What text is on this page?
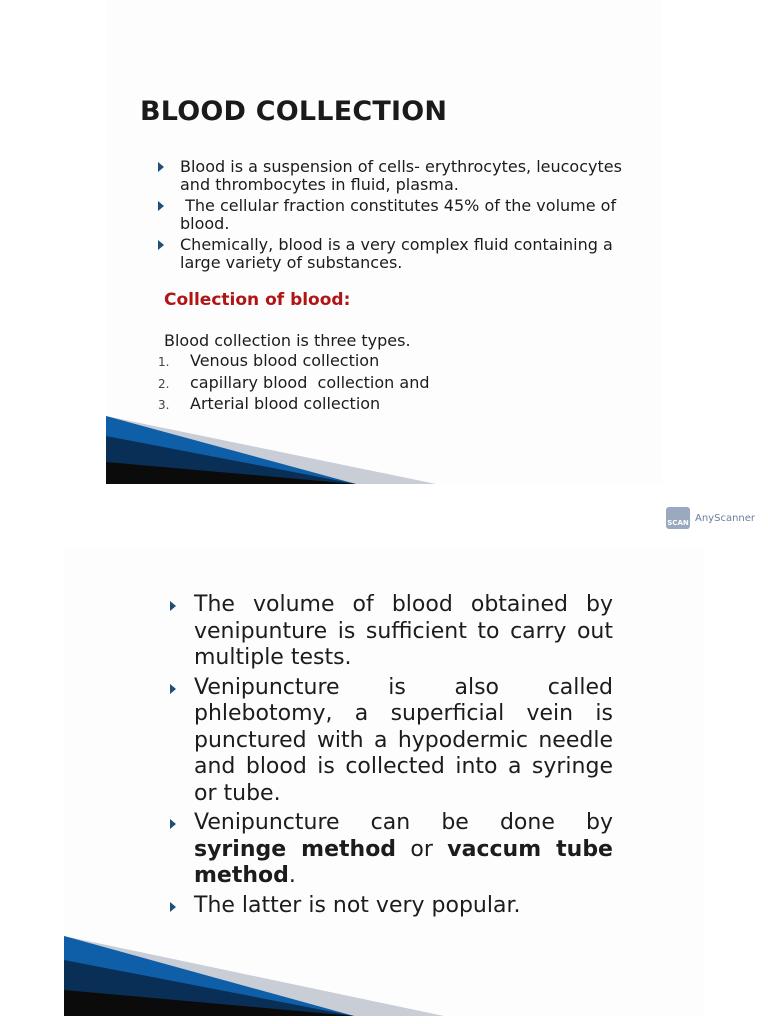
BLOOD COLLECTION
Blood is a suspension of cells- erythrocytes, leucocytes and thrombocytes in fluid, plasma.
The cellular fraction constitutes 45% of the volume of blood.
Chemically, blood is a very complex fluid containing a large variety of substances.
Collection of blood:
Blood collection is three types.
1. Venous blood collection
2. capillary blood  collection and
3. Arterial blood collection
SCAN AnyScanner
The volume of blood obtained by venipunture is sufficient to carry out multiple tests.
Venipuncture is also called phlebotomy, a superficial vein is punctured with a hypodermic needle and blood is collected into a syringe or tube.
Venipuncture can be done by syringe method or vaccum tube method.
The latter is not very popular.
